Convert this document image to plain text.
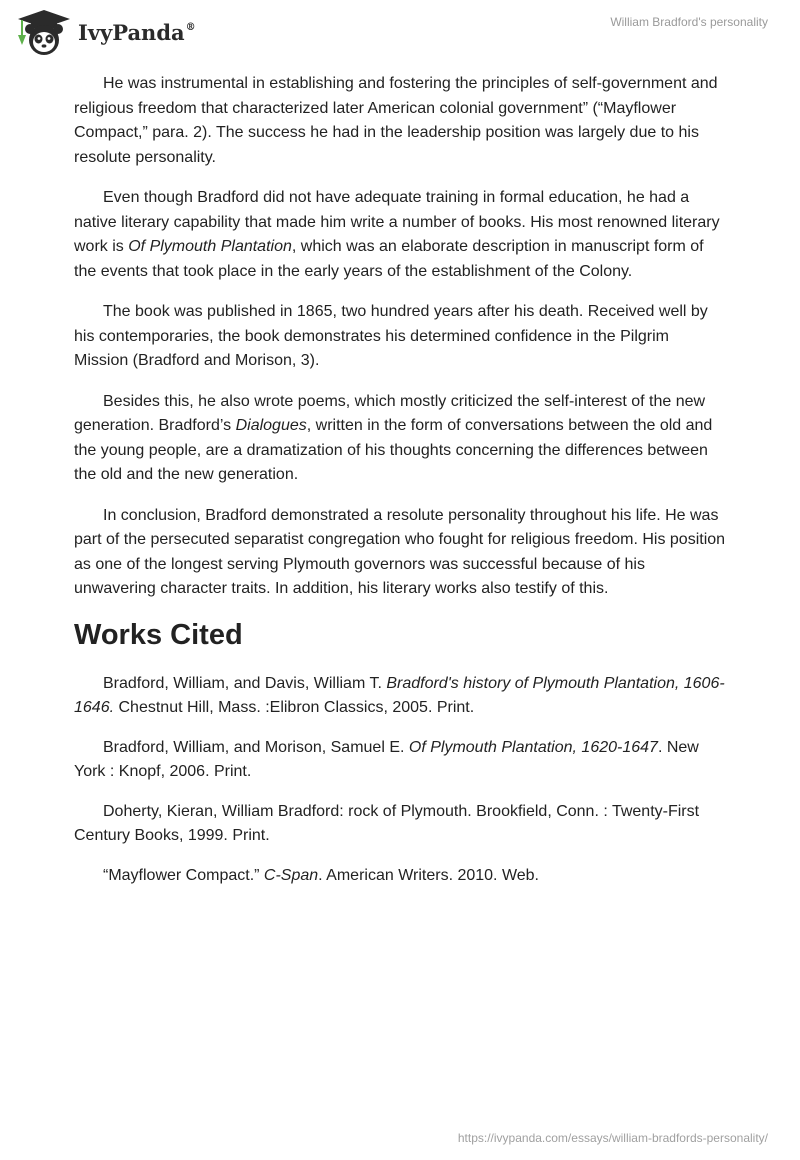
IvyPanda®	William Bradford's personality

He was instrumental in establishing and fostering the principles of self-government and religious freedom that characterized later American colonial government” (“Mayflower Compact,” para. 2). The success he had in the leadership position was largely due to his resolute personality.

Even though Bradford did not have adequate training in formal education, he had a native literary capability that made him write a number of books. His most renowned literary work is Of Plymouth Plantation, which was an elaborate description in manuscript form of the events that took place in the early years of the establishment of the Colony.

The book was published in 1865, two hundred years after his death. Received well by his contemporaries, the book demonstrates his determined confidence in the Pilgrim Mission (Bradford and Morison, 3).

Besides this, he also wrote poems, which mostly criticized the self-interest of the new generation. Bradford’s Dialogues, written in the form of conversations between the old and the young people, are a dramatization of his thoughts concerning the differences between the old and the new generation.

In conclusion, Bradford demonstrated a resolute personality throughout his life. He was part of the persecuted separatist congregation who fought for religious freedom. His position as one of the longest serving Plymouth governors was successful because of his unwavering character traits. In addition, his literary works also testify of this.

Works Cited

Bradford, William, and Davis, William T. Bradford's history of Plymouth Plantation, 1606-1646. Chestnut Hill, Mass. :Elibron Classics, 2005. Print.

Bradford, William, and Morison, Samuel E. Of Plymouth Plantation, 1620-1647. New York : Knopf, 2006. Print.

Doherty, Kieran, William Bradford: rock of Plymouth. Brookfield, Conn. : Twenty-First Century Books, 1999. Print.

“Mayflower Compact.” C-Span. American Writers. 2010. Web.

https://ivypanda.com/essays/william-bradfords-personality/
